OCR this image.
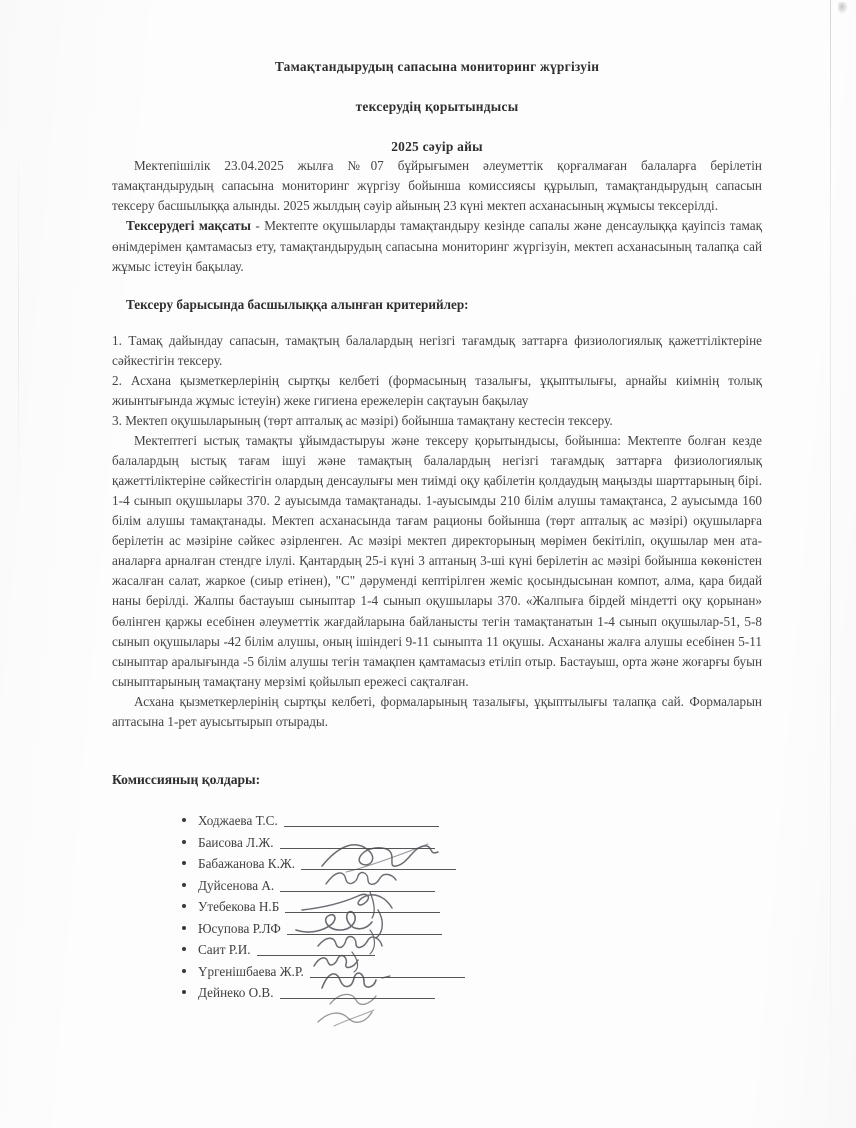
Тамақтандырудың сапасына мониторинг жүргізуін
тексерудің қорытындысы
2025 сәуір айы

Мектепішілік 23.04.2025 жылға №07 бұйрығымен әлеуметтік қорғалмаған балаларға берілетін тамақтандырудың сапасына мониторинг жүргізу бойынша комиссиясы құрылып, тамақтандырудың сапасын тексеру басшылыққа алынды. 2025 жылдың сәуір айының 23 күні мектеп асханасының жұмысы тексерілді.

Тексерудегі мақсаты - Мектепте оқушыларды тамақтандыру кезінде сапалы және денсаулыққа қауіпсіз тамақ өнімдерімен қамтамасыз ету, тамақтандырудың сапасына мониторинг жүргізуін, мектеп асханасының талапқа сай жұмыс істеуін бақылау.

Тексеру барысында басшылыққа алынған критерийлер:

1. Тамақ дайындау сапасын, тамақтың балалардың негізгі тағамдық заттарға физиологиялық қажеттіліктеріне сәйкестігін тексеру.

2. Асхана қызметкерлерінің сыртқы келбеті (формасының тазалығы, ұқыптылығы, арнайы киімнің толық жиынтығында жұмыс істеуін) жеке гигиена ережелерін сақтауын бақылау

3. Мектеп оқушыларының (төрт апталық ас мәзірі) бойынша тамақтану кестесін тексеру.

Мектептегі ыстық тамақты ұйымдастыруы және тексеру қорытындысы, бойынша: Мектепте болған кезде балалардың ыстық тағам ішуі және тамақтың балалардың негізгі тағамдық заттарға физиологиялық қажеттіліктеріне сәйкестігін олардың денсаулығы мен тиімді оқу қабілетін қолдаудың маңызды шарттарының бірі. 1-4 сынып оқушылары 370. 2 ауысымда тамақтанады. 1-ауысымды 210 білім алушы тамақтанса, 2 ауысымда 160 білім алушы тамақтанады. Мектеп асханасында тағам рационы бойынша (төрт апталық ас мәзірі) оқушыларға берілетін ас мәзіріне сәйкес әзірленген. Ас мәзірі мектеп директорының мөрімен бекітіліп, оқушылар мен ата-аналарға арналған стендге ілулі. Қантардың 25-і күні 3 аптаның 3-ші күні берілетін ас мәзірі бойынша көкөністен жасалған салат, жаркое (сиыр етінен), "С" дәруменді кептірілген жеміс қосындысынан компот, алма, қара бидай наны берілді. Жалпы бастауыш сыныптар 1-4 сынып оқушылары 370. «Жалпыға бірдей міндетті оқу қорынан» бөлінген қаржы есебінен әлеуметтік жағдайларына байланысты тегін тамақтанатын 1-4 сынып оқушылар-51, 5-8 сынып оқушылары -42 білім алушы, оның ішіндегі 9-11 сыныпта 11 оқушы. Асхананы жалға алушы есебінен 5-11 сыныптар аралығында -5 білім алушы тегін тамақпен қамтамасыз етіліп отыр. Бастауыш, орта және жоғарғы буын сыныптарының тамақтану мерзімі қойылып ережесі сақталған.

Асхана қызметкерлерінің сыртқы келбеті, формаларының тазалығы, ұқыптылығы талапқа сай. Формаларын аптасына 1-рет ауысытырып отырады.

Комиссияның қолдары:
Ходжаева Т.С.
Баисова Л.Ж.
Бабажанова К.Ж.
Дуйсенова А.
Утебекова Н.Б
Юсупова Р.ЛФ
Саит Р.И.
Үргенішбаева Ж.Р.
Дейнеко О.В.
